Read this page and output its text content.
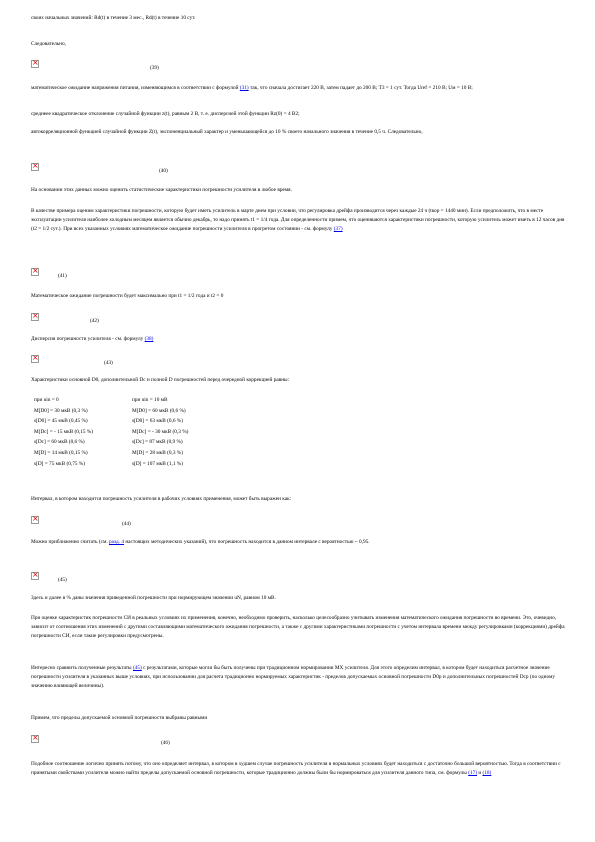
своих начальных значений: Rd(t) в течение 3 мес., Rd(t) в течение 10 сут.
Следовательно,
×
(39)
математическое ожидание напряжения питания, изменяющимся в соответствии с формулой (31) так, что сначала достигает 220 В, затем падает до 200 В; T3 = 1 сут. Тогда Uref = 210 В; Uм = 10 В;
среднеее квадратическое отклонение случайной функции z(t), равным 2 В, т. е. дисперсией этой функции Rz(0) = 4 В2;
автокорреляционной функцией случайной функции Z(t), экспоненциальный характер и уменьшающейся до 10 % своего начального значения в течение 0,5 ч. Следовательно,
×
(40)
На основании этих данных можно оценить статистические характеристики погрешности усилителя в любое время.
В качестве примера оценим характеристики погрешности, которую будет иметь усилитель в марте днем при условии, что регулировка дрейфа производится через каждые 24 ч (tкор = 1440 мин). Если предположить, что в месте эксплуатации усилителя наиболее холодным месяцем является обычно декабрь, то надо принять t1 = 1/4 года. Для определенности примем, что оцениваются характеристики погрешности, которую усилитель может иметь в 12 часов дня (t2 = 1/2 сут.). При всех указанных условиях математическое ожидание погрешности усилителя в прогретом состоянии - см. формулу (37)
×
(41)
Математическое ожидание погрешности будет максимально при t1 = 1/2 года и t2 = 0
×
(42)
Дисперсия погрешности усилителя - см. формулу (38)
×
(43)
Характеристики основной D0, дополнительной Dc и полной D погрешностей перед очередной коррекцией равны:
при uin = 0	при uin = 10 мВ
M[D0] = 30 мкВ (0,3 %)	M[D0] = 60 мкВ (0,6 %)
s[D0] = 45 мкВ (0,45 %)	s[D0] = 63 мкВ (0,6 %)
M[Dc] = - 15 мкВ (0,15 %)	M[Dc] = - 30 мкВ (0,3 %)
s[Dc] = 60 мкВ (0,6 %)	s[Dc] = 87 мкВ (0,9 %)
M[D] = 14 мкВ (0,15 %)	M[D] = 28 мкВ (0,3 %)
s[D] = 75 мкВ (0,75 %)	s[D] = 107 мкВ (1,1 %)
Интервал, в котором находится погрешность усилителя в рабочих условиях применения, может быть выражен как:
×
(44)
Можно приближенно считать (см. разд. 4 настоящих методических указаний), что погрешность находится в данном интервале с вероятностью ~ 0,95.
×
(45)
Здесь и далее в % даны значения приведенной погрешности при нормирующем значении uN, равном 10 мВ.
При оценке характеристик погрешности СИ в реальных условиях их применения, конечно, необходимо проверить, насколько целесообразно учитывать изменения математического ожидания погрешности во времени. Это, очевидно, зависит от соотношения этих изменений с другими составляющими математического ожидания погрешности, а также с другими характеристиками погрешности с учетом интервала времени между регулировками (коррекциями) дрейфа погрешности СИ, если такие регулировки предусмотрены.
Интересно сравнить полученные результаты (45) с результатами, которые могли бы быть получены при традиционном нормировании МХ усилителя. Для этого определим интервал, в котором будет находиться расчетное значение погрешности усилителя в указанных выше условиях, при использовании для расчета традиционно нормируемых характеристик - пределов допускаемых основной погрешности D0p и дополнительных погрешностей Dcp (по одному значению влияющей величины).
Примем, что пределы допускаемой основной погрешности выбраны равными
×
(46)
Подобное соотношение логично принять потому, что оно определяет интервал, в котором в худшем случае погрешность усилителя в нормальных условиях будет находиться с достаточно большой вероятностью. Тогда в соответствии с принятыми свойствами усилителя можно найти пределы допускаемой основной погрешности, которые традиционно должны были бы нормироваться для усилителя данного типа, см. формулы (17) и (18)
